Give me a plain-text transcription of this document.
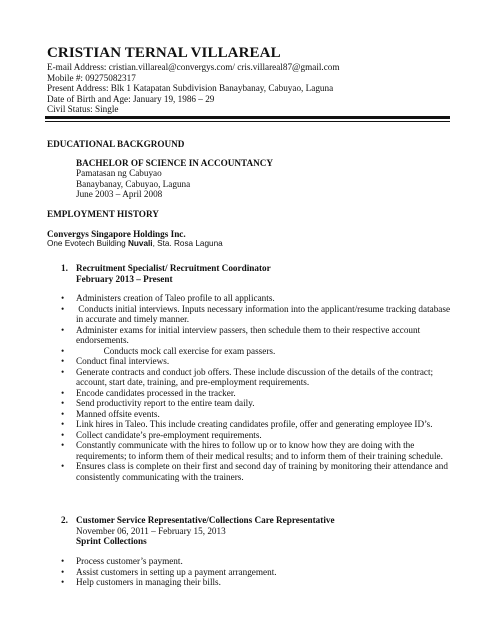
CRISTIAN TERNAL VILLAREAL
E-mail Address: cristian.villareal@convergys.com/ cris.villareal87@gmail.com
Mobile #: 09275082317
Present Address: Blk 1 Katapatan Subdivision Banaybanay, Cabuyao, Laguna
Date of Birth and Age: January 19, 1986 – 29
Civil Status: Single
EDUCATIONAL BACKGROUND
BACHELOR OF SCIENCE IN ACCOUNTANCY
Pamatasan ng Cabuyao
Banaybanay, Cabuyao, Laguna
June 2003 – April 2008
EMPLOYMENT HISTORY
Convergys Singapore Holdings Inc.
One Evotech Building Nuvali, Sta. Rosa Laguna
1. Recruitment Specialist/ Recruitment Coordinator
February 2013 – Present
• Administers creation of Taleo profile to all applicants.
• Conducts initial interviews. Inputs necessary information into the applicant/resume tracking database in accurate and timely manner.
• Administer exams for initial interview passers, then schedule them to their respective account endorsements.
• Conducts mock call exercise for exam passers.
• Conduct final interviews.
• Generate contracts and conduct job offers. These include discussion of the details of the contract; account, start date, training, and pre-employment requirements.
• Encode candidates processed in the tracker.
• Send productivity report to the entire team daily.
• Manned offsite events.
• Link hires in Taleo. This include creating candidates profile, offer and generating employee ID’s.
• Collect candidate’s pre-employment requirements.
• Constantly communicate with the hires to follow up or to know how they are doing with the requirements; to inform them of their medical results; and to inform them of their training schedule.
• Ensures class is complete on their first and second day of training by monitoring their attendance and consistently communicating with the trainers.
2. Customer Service Representative/Collections Care Representative
November 06, 2011 – February 15, 2013
Sprint Collections
• Process customer’s payment.
• Assist customers in setting up a payment arrangement.
• Help customers in managing their bills.
